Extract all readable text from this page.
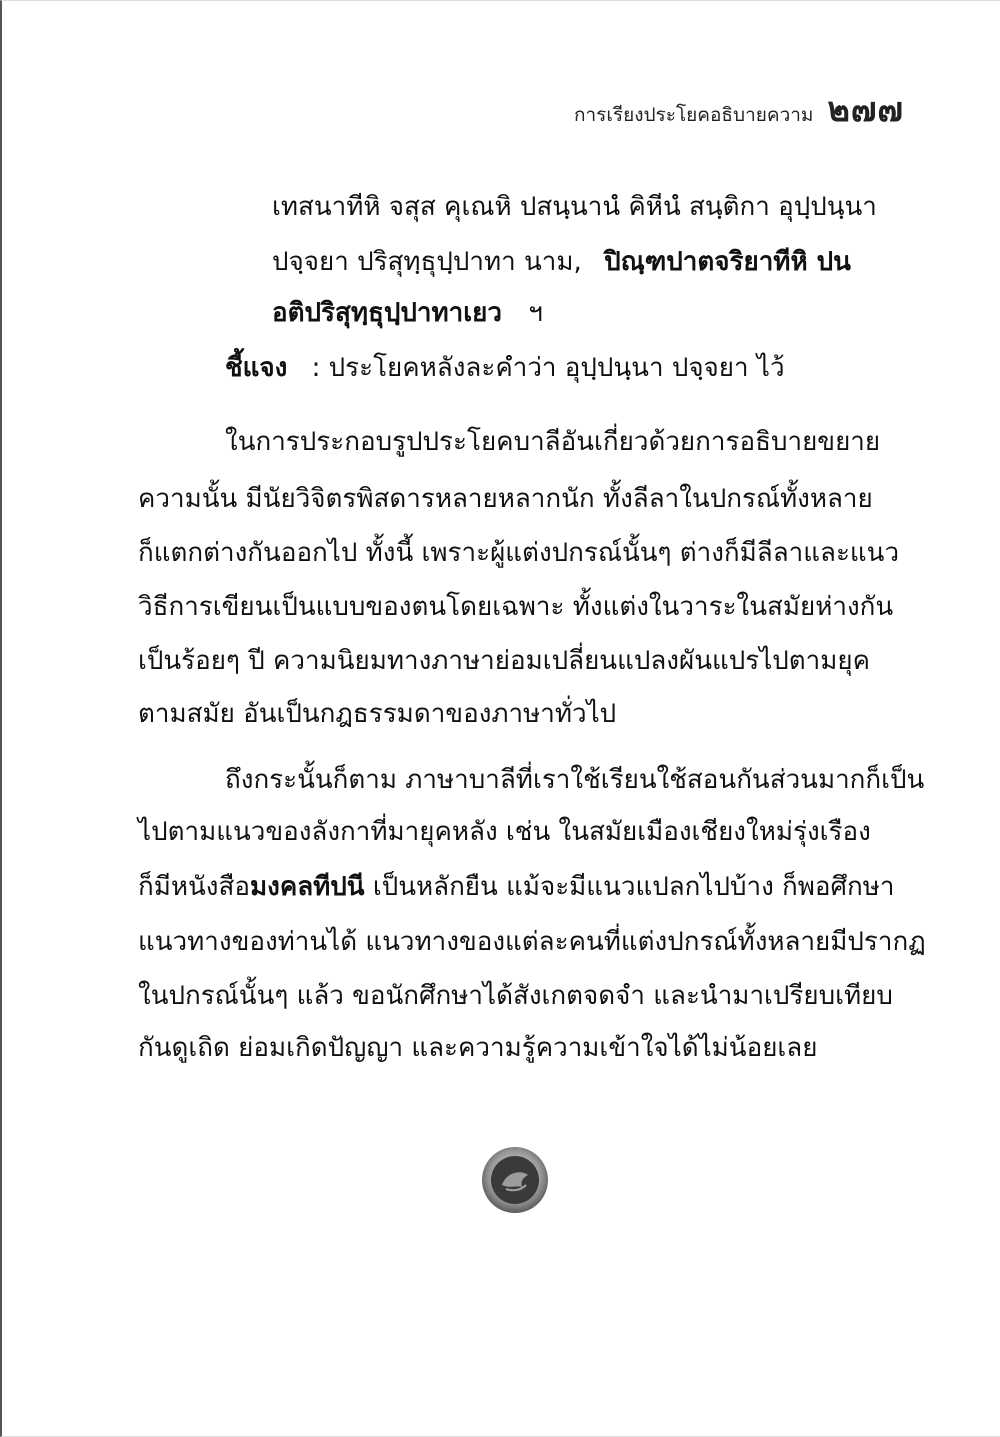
การเรียงประโยคอธิบายความ ๒๗๗
เทสนาทีหิ จสุส คุเณหิ ปสนฺนานํ คิหีนํ สนฺติกา อุปฺปนฺนา
ปจฺจยา ปริสุทฺธุปฺปาทา นาม, ปิณฺฑปาตจริยาทีหิ ปน
อติปริสุทฺธุปฺปาทาเยว ฯ
ชี้แจง : ประโยคหลังละคำว่า อุปฺปนฺนา ปจฺจยา ไว้
ในการประกอบรูปประโยคบาลีอันเกี่ยวด้วยการอธิบายขยาย
ความนั้น มีนัยวิจิตรพิสดารหลายหลากนัก ทั้งลีลาในปกรณ์ทั้งหลาย
ก็แตกต่างกันออกไป ทั้งนี้ เพราะผู้แต่งปกรณ์นั้นๆ ต่างก็มีลีลาและแนว
วิธีการเขียนเป็นแบบของตนโดยเฉพาะ ทั้งแต่งในวาระในสมัยห่างกัน
เป็นร้อยๆ ปี ความนิยมทางภาษาย่อมเปลี่ยนแปลงผันแปรไปตามยุค
ตามสมัย อันเป็นกฎธรรมดาของภาษาทั่วไป
ถึงกระนั้นก็ตาม ภาษาบาลีที่เราใช้เรียนใช้สอนกันส่วนมากก็เป็น
ไปตามแนวของลังกาที่มายุคหลัง เช่น ในสมัยเมืองเชียงใหม่รุ่งเรือง
ก็มีหนังสือมงคลทีปนี เป็นหลักยืน แม้จะมีแนวแปลกไปบ้าง ก็พอศึกษา
แนวทางของท่านได้ แนวทางของแต่ละคนที่แต่งปกรณ์ทั้งหลายมีปรากฏ
ในปกรณ์นั้นๆ แล้ว ขอนักศึกษาได้สังเกตจดจำ และนำมาเปรียบเทียบ
กันดูเถิด ย่อมเกิดปัญญา และความรู้ความเข้าใจได้ไม่น้อยเลย
